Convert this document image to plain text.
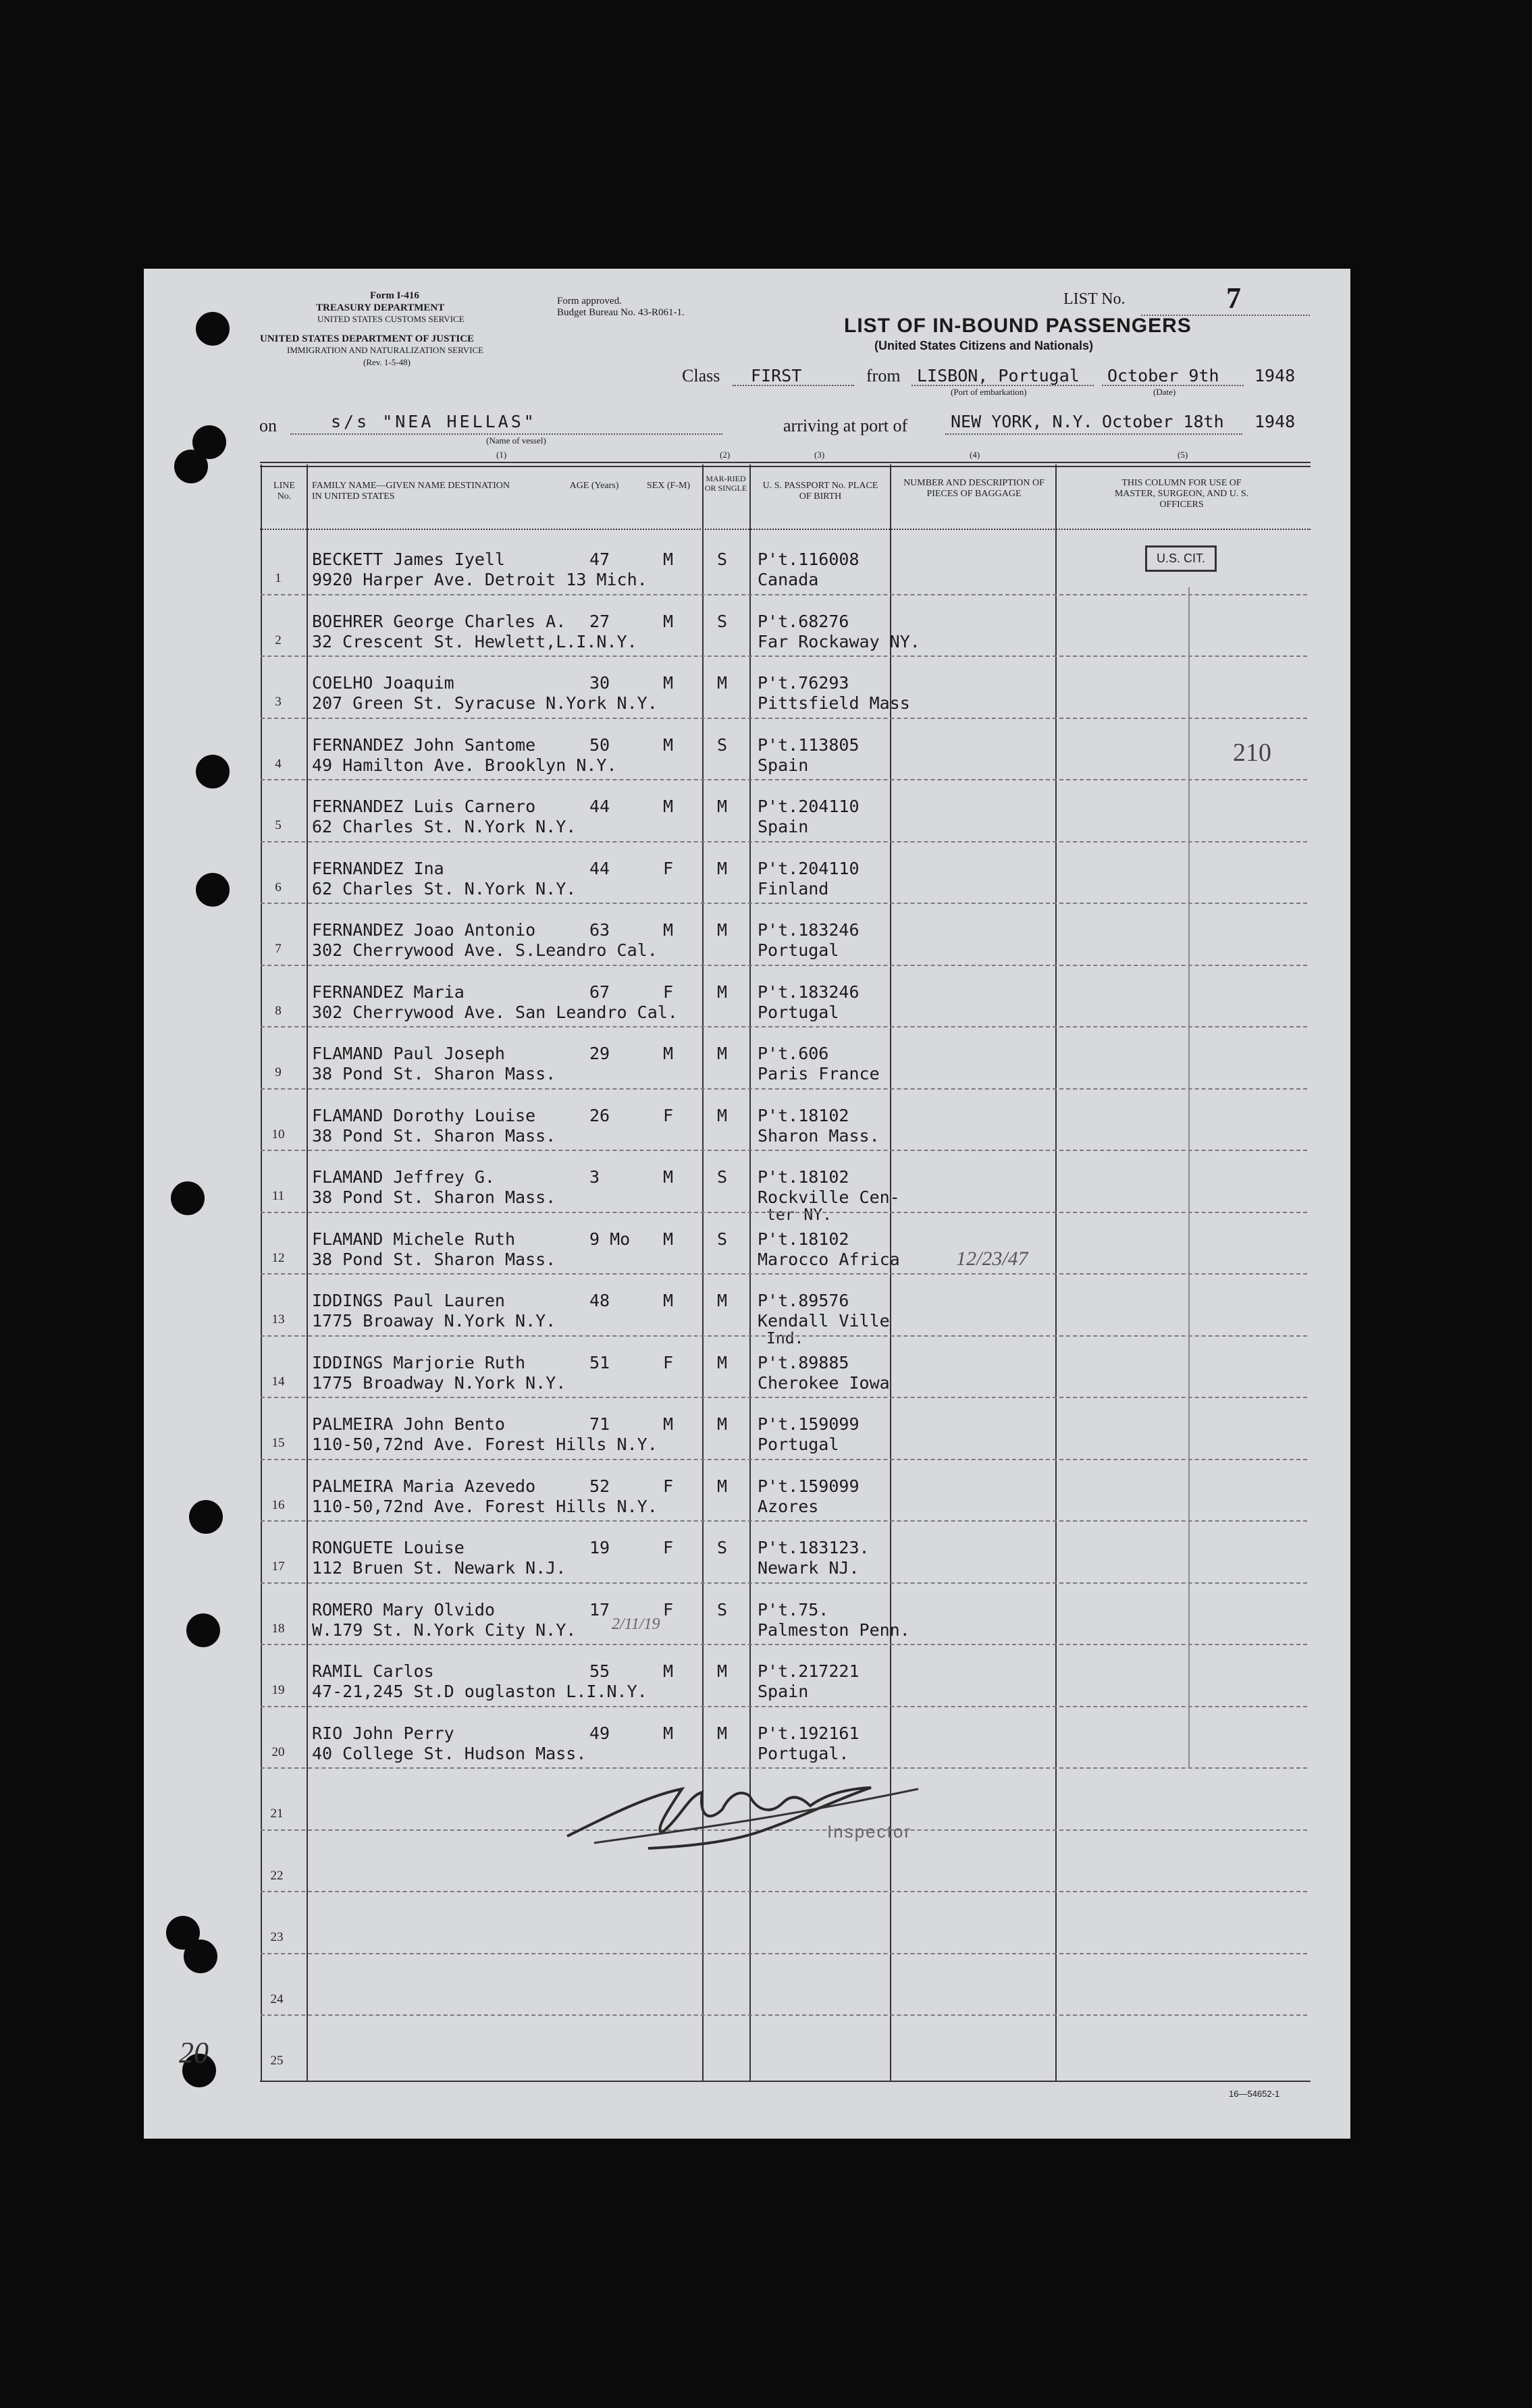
Form I-416
TREASURY DEPARTMENT
UNITED STATES CUSTOMS SERVICE
UNITED STATES DEPARTMENT OF JUSTICE
IMMIGRATION AND NATURALIZATION SERVICE
(Rev. 1-5-48)
Form approved.
Budget Bureau No. 43-R061-1.
LIST No.	7
LIST OF IN-BOUND PASSENGERS
(United States Citizens and Nationals)
Class FIRST	from LISBON, Portugal
(Port of embarkation)
October 9th
(Date)
1948
on	s/s "NEA HELLAS"
(Name of vessel)
arriving at port of	NEW YORK, N.Y. October 18th 1948
(1)	(2)	(3)	(4)	(5)
LINE No.
FAMILY NAME—GIVEN NAME DESTINATION IN UNITED STATES
AGE (Years)	SEX (F-M)
MAR-RIED OR SINGLE	U. S. PASSPORT No. PLACE OF BIRTH
NUMBER AND DESCRIPTION OF PIECES OF BAGGAGE
THIS COLUMN FOR USE OF MASTER, SURGEON, AND U. S. OFFICERS
1
BECKETT James Iyell	47	M	S P't.116008
9920 Harper Ave. Detroit 13 Mich.	Canada
2
BOEHRER George Charles A. 27	M	S P't.68276
32 Crescent St. Hewlett,L.I.N.Y.	Far Rockaway NY.
3
COELHO Joaquim	30	M	M P't.76293
207 Green St. Syracuse N.York N.Y.	Pittsfield Mass
4
FERNANDEZ John Santome	50	M	S P't.113805
49 Hamilton Ave. Brooklyn N.Y.	Spain
5
FERNANDEZ Luis Carnero	44	M	M P't.204110
62 Charles St. N.York N.Y.	Spain
6
FERNANDEZ Ina	44	F	M P't.204110
62 Charles St. N.York N.Y.	Finland
7
FERNANDEZ Joao Antonio	63	M	M P't.183246
302 Cherrywood Ave. S.Leandro Cal.	Portugal
8
FERNANDEZ Maria	67	F	M P't.183246
302 Cherrywood Ave. San Leandro Cal.	Portugal
9
FLAMAND Paul Joseph	29	M	M P't.606
38 Pond St. Sharon Mass.	Paris France
10
FLAMAND Dorothy Louise	26	F	M P't.18102
38 Pond St. Sharon Mass.	Sharon Mass.
11
FLAMAND Jeffrey G.	3	M	S P't.18102
38 Pond St. Sharon Mass.	Rockville Cen-
ter NY.
12
FLAMAND Michele Ruth	9 Mo M	S P't.18102
38 Pond St. Sharon Mass.	Marocco Africa
13
IDDINGS Paul Lauren	48	M	M P't.89576
1775 Broaway N.York N.Y.	Kendall Ville
Ind.
14
IDDINGS Marjorie Ruth	51	F	M P't.89885
1775 Broadway N.York N.Y.	Cherokee Iowa
15
PALMEIRA John Bento	71	M	M P't.159099
110-50,72nd Ave. Forest Hills N.Y.	Portugal
16
PALMEIRA Maria Azevedo	52	F	M P't.159099
110-50,72nd Ave. Forest Hills N.Y.	Azores
17
RONGUETE Louise	19	F	S P't.183123.
112 Bruen St. Newark N.J.	Newark NJ.
18
ROMERO Mary Olvido	17	F	S P't.75.
W.179 St. N.York City N.Y.	Palmeston Penn.
19
RAMIL Carlos	55	M	M P't.217221
47-21,245 St.D ouglaston L.I.N.Y.	Spain
20
RIO John Perry	49	M	M P't.192161
40 College St. Hudson Mass.	Portugal.
21
22
23
24
25
U.S. CIT.
210
12/23/47
2/11/19
Inspector
20
16—54652-1
